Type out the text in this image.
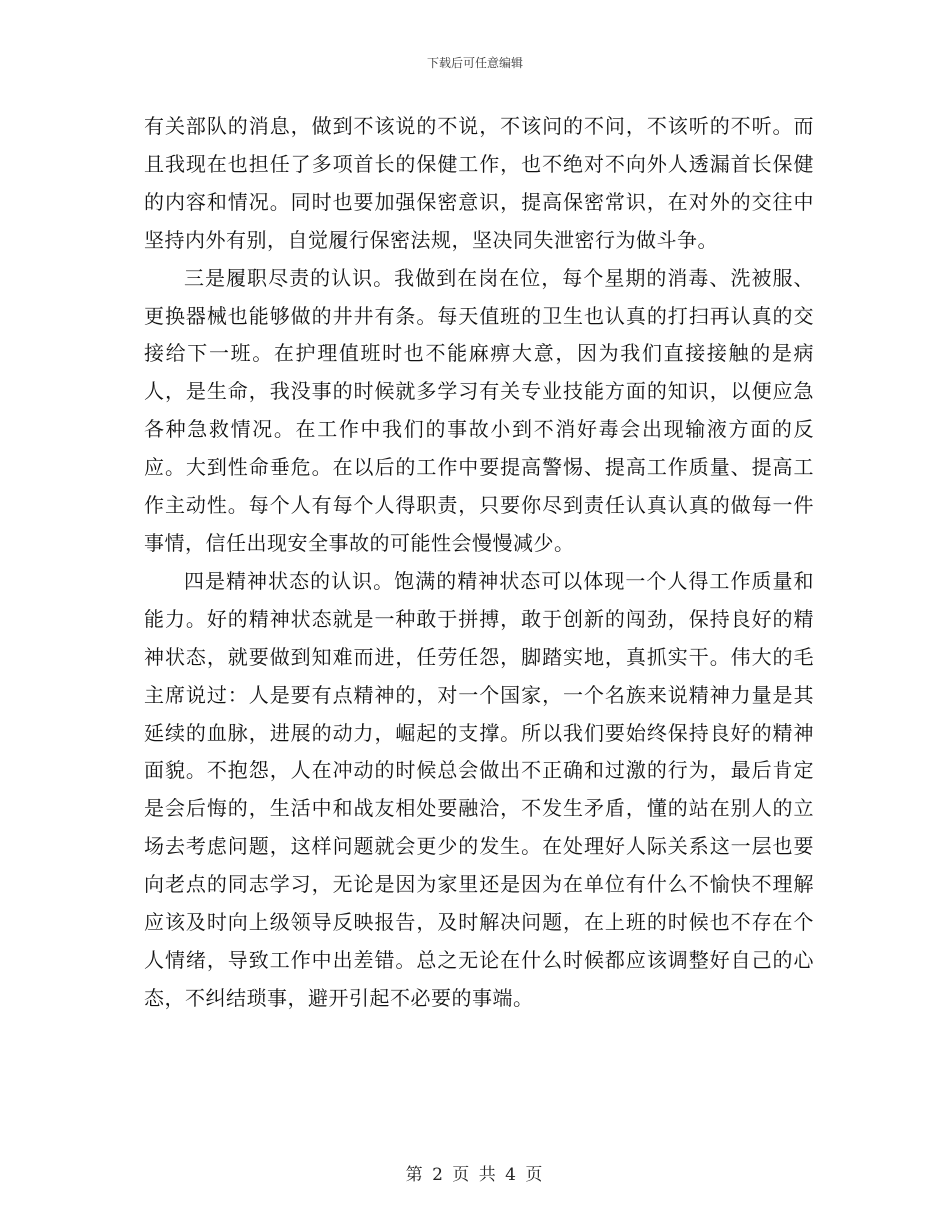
下载后可任意编辑

有关部队的消息，做到不该说的不说，不该问的不问，不该听的不听。而且我现在也担任了多项首长的保健工作，也不绝对不向外人透漏首长保健的内容和情况。同时也要加强保密意识，提高保密常识，在对外的交往中坚持内外有别，自觉履行保密法规，坚决同失泄密行为做斗争。

三是履职尽责的认识。我做到在岗在位，每个星期的消毒、洗被服、更换器械也能够做的井井有条。每天值班的卫生也认真的打扫再认真的交接给下一班。在护理值班时也不能麻痹大意，因为我们直接接触的是病人，是生命，我没事的时候就多学习有关专业技能方面的知识，以便应急各种急救情况。在工作中我们的事故小到不消好毒会出现输液方面的反应。大到性命垂危。在以后的工作中要提高警惕、提高工作质量、提高工作主动性。每个人有每个人得职责，只要你尽到责任认真认真的做每一件事情，信任出现安全事故的可能性会慢慢减少。

四是精神状态的认识。饱满的精神状态可以体现一个人得工作质量和能力。好的精神状态就是一种敢于拼搏，敢于创新的闯劲，保持良好的精神状态，就要做到知难而进，任劳任怨，脚踏实地，真抓实干。伟大的毛主席说过：人是要有点精神的，对一个国家，一个名族来说精神力量是其延续的血脉，进展的动力，崛起的支撑。所以我们要始终保持良好的精神面貌。不抱怨，人在冲动的时候总会做出不正确和过激的行为，最后肯定是会后悔的，生活中和战友相处要融洽，不发生矛盾，懂的站在别人的立场去考虑问题，这样问题就会更少的发生。在处理好人际关系这一层也要向老点的同志学习，无论是因为家里还是因为在单位有什么不愉快不理解应该及时向上级领导反映报告，及时解决问题，在上班的时候也不存在个人情绪，导致工作中出差错。总之无论在什么时候都应该调整好自己的心态，不纠结琐事，避开引起不必要的事端。

第 2 页 共 4 页
